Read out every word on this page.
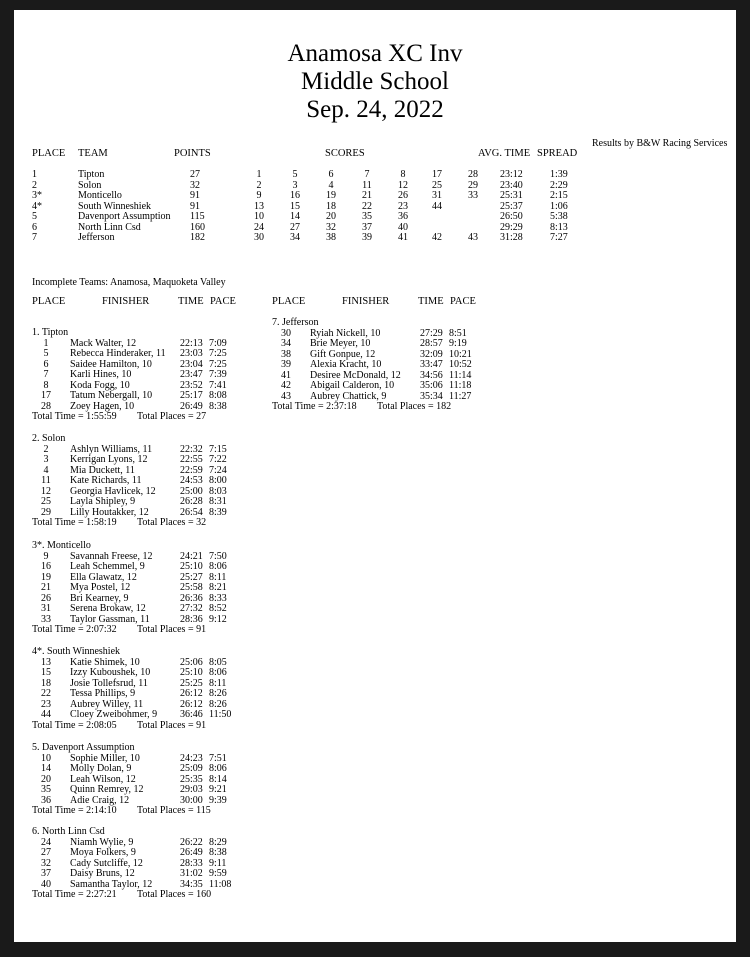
Anamosa XC Inv
Middle School
Sep. 24, 2022
Results by B&W Racing Services
PLACE TEAM	POINTS	SCORES	AVG. TIME SPREAD
1	Tipton	27	1	5	6	7	8	17	28	23:12	1:39
2	Solon	32	2	3	4	11	12	25	29	23:40	2:29
3*	Monticello	91	9	16	19	21	26	31	33	25:31	2:15
4*	South Winneshiek	91	13	15	18	22	23	44	25:37	1:06
5	Davenport Assumption 115	10	14	20	35	36	26:50	5:38
6	North Linn Csd	160	24	27	32	37	40	29:29	8:13
7	Jefferson	182	30	34	38	39	41	42	43	31:28	7:27
Incomplete Teams: Anamosa, Maquoketa Valley
PLACE	FINISHER	TIME PACE	PLACE	FINISHER	TIME PACE
1. Tipton
1	Mack Walter, 12	22:13 7:09
5	Rebecca Hinderaker, 11 23:03 7:25
6	Saidee Hamilton, 10	23:04 7:25
7	Karli Hines, 10	23:47 7:39
8	Koda Fogg, 10	23:52 7:41
17	Tatum Nebergall, 10	25:17 8:08
28	Zoey Hagen, 10	26:49 8:38
Total Time = 1:55:59 Total Places = 27
2. Solon
2	Ashlyn Williams, 11	22:32 7:15
3	Kerrigan Lyons, 12	22:55 7:22
4	Mia Duckett, 11	22:59 7:24
11	Kate Richards, 11	24:53 8:00
12	Georgia Havlicek, 12 25:00 8:03
25	Layla Shipley, 9	26:28 8:31
29	Lilly Houtakker, 12	26:54 8:39
Total Time = 1:58:19 Total Places = 32
3*. Monticello
9	Savannah Freese, 12	24:21 7:50
16	Leah Schemmel, 9	25:10 8:06
19	Ella Glawatz, 12	25:27 8:11
21	Mya Postel, 12	25:58 8:21
26	Bri Kearney, 9	26:36 8:33
31	Serena Brokaw, 12	27:32 8:52
33	Taylor Gassman, 11	28:36 9:12
Total Time = 2:07:32 Total Places = 91
4*. South Winneshiek
13	Katie Shimek, 10	25:06 8:05
15	Izzy Kuboushek, 10	25:10 8:06
18	Josie Tollefsrud, 11	25:25 8:11
22	Tessa Phillips, 9	26:12 8:26
23	Aubrey Willey, 11	26:12 8:26
44	Cloey Zweibohmer, 9 36:46 11:50
Total Time = 2:08:05 Total Places = 91
5. Davenport Assumption
10	Sophie Miller, 10	24:23 7:51
14	Molly Dolan, 9	25:09 8:06
20	Leah Wilson, 12	25:35 8:14
35	Quinn Remrey, 12	29:03 9:21
36	Adie Craig, 12	30:00 9:39
Total Time = 2:14:10 Total Places = 115
6. North Linn Csd
24	Niamh Wylie, 9	26:22 8:29
27	Moya Folkers, 9	26:49 8:38
32	Cady Sutcliffe, 12	28:33 9:11
37	Daisy Bruns, 12	31:02 9:59
40	Samantha Taylor, 12	34:35 11:08
Total Time = 2:27:21 Total Places = 160
7. Jefferson
30	Ryiah Nickell, 10	27:29 8:51
34	Brie Meyer, 10	28:57 9:19
38	Gift Gonpue, 12	32:09 10:21
39	Alexia Kracht, 10	33:47 10:52
41	Desiree McDonald, 12 34:56 11:14
42	Abigail Calderon, 10	35:06 11:18
43	Aubrey Chattick, 9	35:34 11:27
Total Time = 2:37:18 Total Places = 182
